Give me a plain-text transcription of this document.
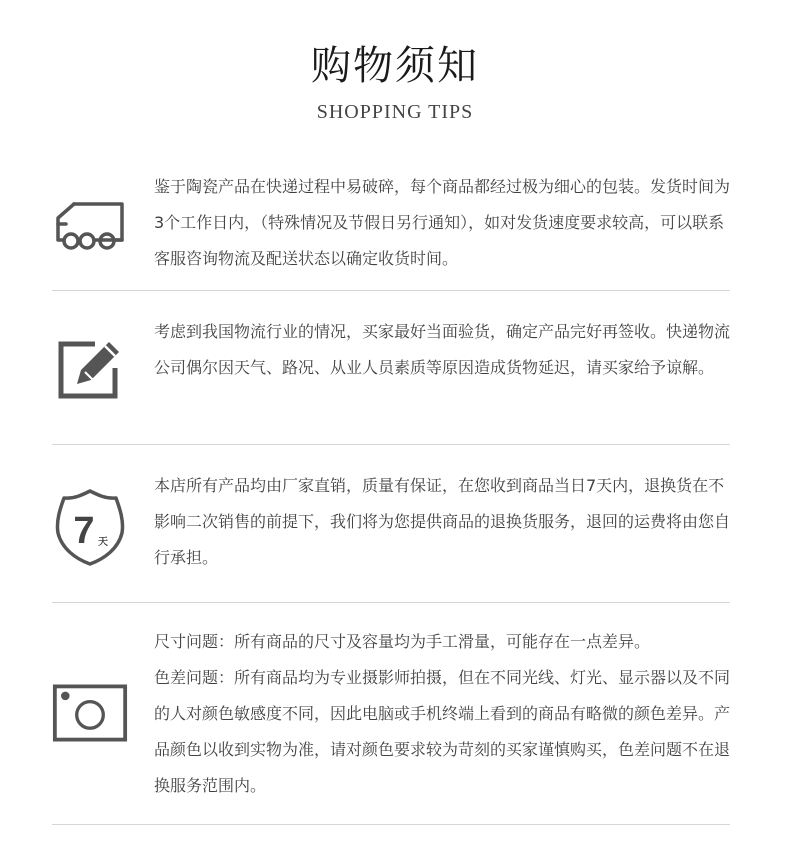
购物须知
SHOPPING TIPS

鉴于陶瓷产品在快递过程中易破碎，每个商品都经过极为细心的包装。发货时间为3个工作日内，（特殊情况及节假日另行通知），如对发货速度要求较高，可以联系客服咨询物流及配送状态以确定收货时间。

考虑到我国物流行业的情况，买家最好当面验货，确定产品完好再签收。快递物流公司偶尔因天气、路况、从业人员素质等原因造成货物延迟，请买家给予谅解。

7 天

本店所有产品均由厂家直销，质量有保证，在您收到商品当日7天内，退换货在不影响二次销售的前提下，我们将为您提供商品的退换货服务，退回的运费将由您自行承担。

尺寸问题：所有商品的尺寸及容量均为手工滑量，可能存在一点差异。

色差问题：所有商品均为专业摄影师拍摄，但在不同光线、灯光、显示器以及不同的人对颜色敏感度不同，因此电脑或手机终端上看到的商品有略微的颜色差异。产品颜色以收到实物为准，请对颜色要求较为苛刻的买家谨慎购买，色差问题不在退换服务范围内。
